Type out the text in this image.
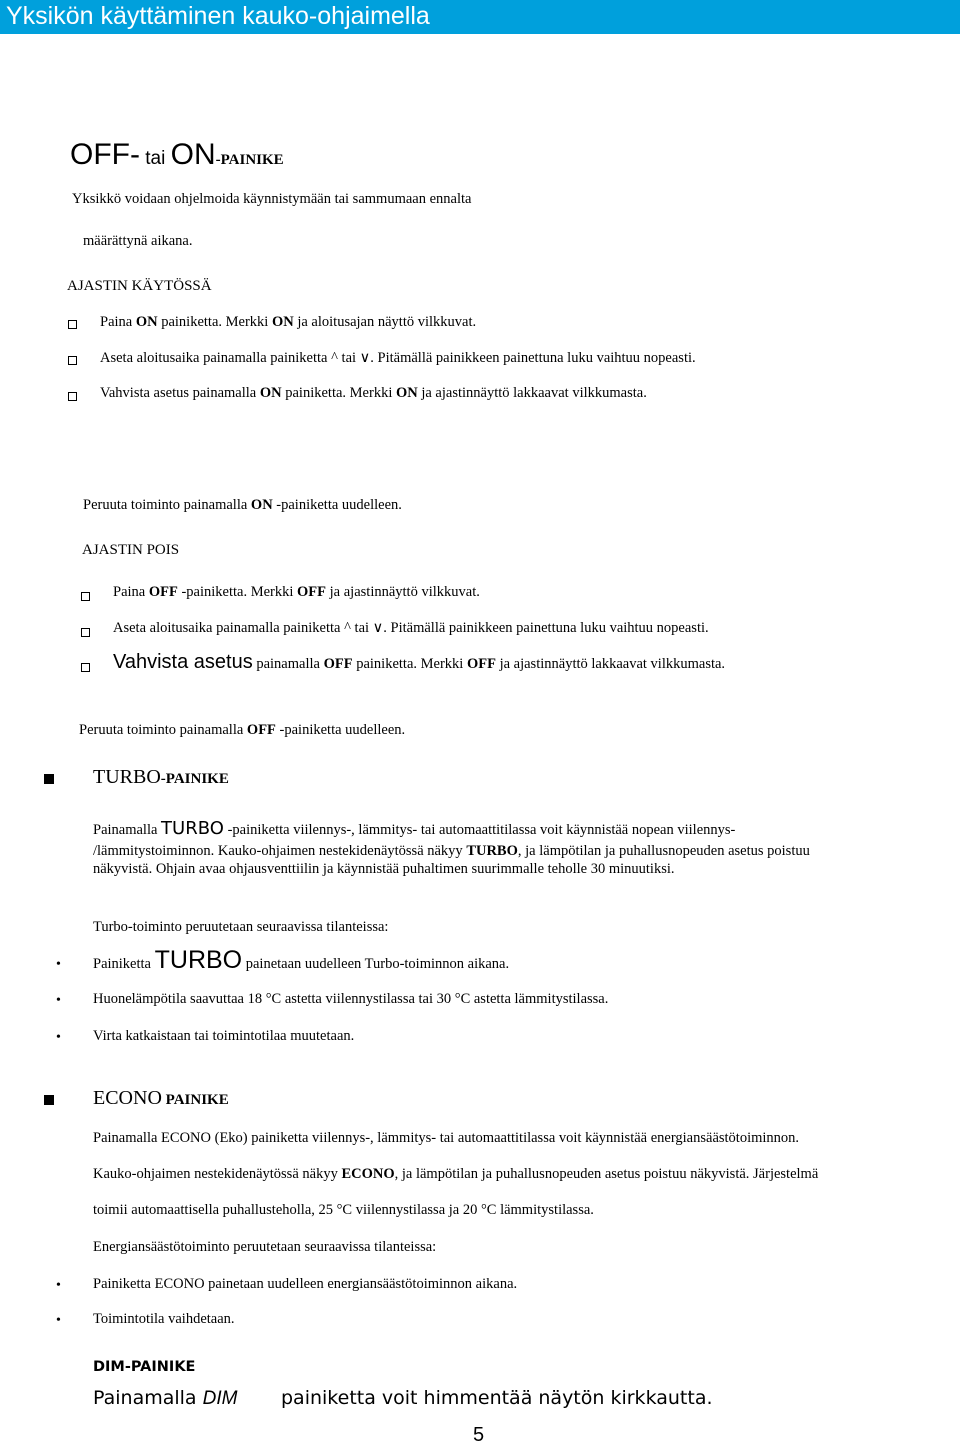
Yksikön käyttäminen kauko-ohjaimella
OFF- tai ON-PAINIKE
Yksikkö voidaan ohjelmoida käynnistymään tai sammumaan ennalta
määrättynä aikana.
AJASTIN KÄYTÖSSÄ
Paina ON painiketta. Merkki ON ja aloitusajan näyttö vilkkuvat.
Aseta aloitusaika painamalla painiketta ^ tai ∨. Pitämällä painikkeen painettuna luku vaihtuu nopeasti.
Vahvista asetus painamalla ON painiketta. Merkki ON ja ajastinnäyttö lakkaavat vilkkumasta.
Peruuta toiminto painamalla ON -painiketta uudelleen.
AJASTIN POIS
Paina OFF -painiketta. Merkki OFF ja ajastinnäyttö vilkkuvat.
Aseta aloitusaika painamalla painiketta ^ tai ∨. Pitämällä painikkeen painettuna luku vaihtuu nopeasti.
Vahvista asetus painamalla OFF painiketta. Merkki OFF ja ajastinnäyttö lakkaavat vilkkumasta.
Peruuta toiminto painamalla OFF -painiketta uudelleen.
TURBO-PAINIKE
Painamalla TURBO -painiketta viilennys-, lämmitys- tai automaattitilassa voit käynnistää nopean viilennys-
/lämmitystoiminnon. Kauko-ohjaimen nestekidenäytössä näkyy TURBO, ja lämpötilan ja puhallusnopeuden asetus poistuu
näkyvistä. Ohjain avaa ohjausventtiilin ja käynnistää puhaltimen suurimmalle teholle 30 minuutiksi.
Turbo-toiminto peruutetaan seuraavissa tilanteissa:
• Painiketta TURBO painetaan uudelleen Turbo-toiminnon aikana.
• Huonelämpötila saavuttaa 18 °C astetta viilennystilassa tai 30 °C astetta lämmitystilassa.
• Virta katkaistaan tai toimintotilaa muutetaan.
ECONO PAINIKE
Painamalla ECONO (Eko) painiketta viilennys-, lämmitys- tai automaattitilassa voit käynnistää energiansäästötoiminnon.
Kauko-ohjaimen nestekidenäytössä näkyy ECONO, ja lämpötilan ja puhallusnopeuden asetus poistuu näkyvistä. Järjestelmä
toimii automaattisella puhallusteholla, 25 °C viilennystilassa ja 20 °C lämmitystilassa.
Energiansäästötoiminto peruutetaan seuraavissa tilanteissa:
• Painiketta ECONO painetaan uudelleen energiansäästötoiminnon aikana.
• Toimintotila vaihdetaan.
DIM-PAINIKE
Painamalla DIM painiketta voit himmentää näytön kirkkautta.
5
